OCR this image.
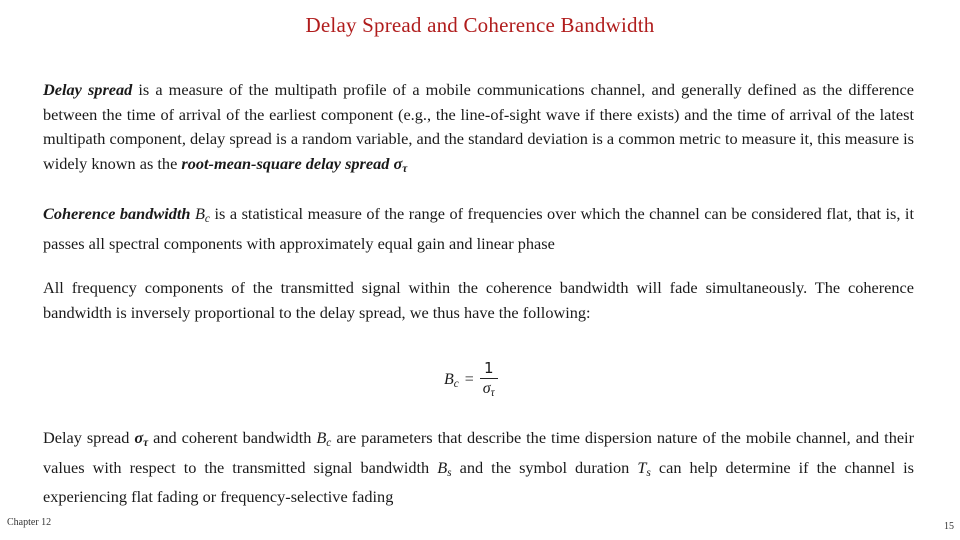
Delay Spread and Coherence Bandwidth

Delay spread is a measure of the multipath profile of a mobile communications channel, and generally defined as the difference between the time of arrival of the earliest component (e.g., the line-of-sight wave if there exists) and the time of arrival of the latest multipath component, delay spread is a random variable, and the standard deviation is a common metric to measure it, this measure is widely known as the root-mean-square delay spread $\sigma_\tau$

Coherence bandwidth $B_c$ is a statistical measure of the range of frequencies over which the channel can be considered flat, that is, it passes all spectral components with approximately equal gain and linear phase

All frequency components of the transmitted signal within the coherence bandwidth will fade simultaneously. The coherence bandwidth is inversely proportional to the delay spread, we thus have the following:

$B_c = \frac{1}{\sigma_\tau}$

Delay spread $\sigma_\tau$ and coherent bandwidth $B_c$ are parameters that describe the time dispersion nature of the mobile channel, and their values with respect to the transmitted signal bandwidth $B_s$ and the symbol duration $T_s$ can help determine if the channel is experiencing flat fading or frequency-selective fading

Chapter 12	15
